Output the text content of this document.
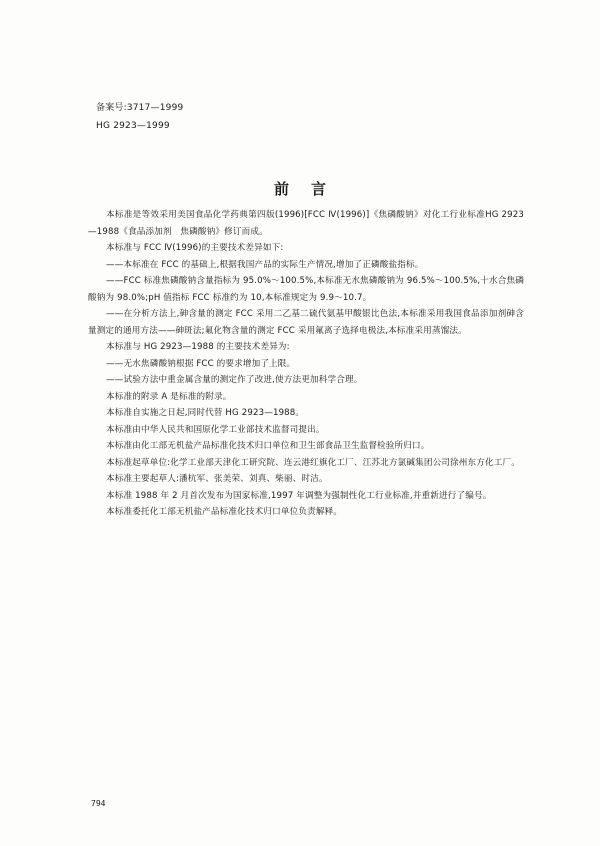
备案号:3717—1999
HG 2923—1999
前言

本标准是等效采用美国食品化学药典第四版(1996)[FCC Ⅳ(1996)]《焦磷酸钠》对化工行业标准HG 2923—1988《食品添加剂　焦磷酸钠》修订而成。

本标准与 FCC Ⅳ(1996)的主要技术差异如下:

——本标准在 FCC 的基础上,根据我国产品的实际生产情况,增加了正磷酸盐指标。

——FCC 标准焦磷酸钠含量指标为 95.0%～100.5%,本标准无水焦磷酸钠为 96.5%～100.5%,十水合焦磷酸钠为 98.0%;pH 值指标 FCC 标准约为 10,本标准规定为 9.9～10.7。

——在分析方法上,砷含量的测定 FCC 采用二乙基二硫代氨基甲酸银比色法,本标准采用我国食品添加剂砷含量测定的通用方法——砷斑法;氟化物含量的测定 FCC 采用氟离子选择电极法,本标准采用蒸馏法。

本标准与 HG 2923—1988 的主要技术差异为:

——无水焦磷酸钠根据 FCC 的要求增加了上限。

——试验方法中重金属含量的测定作了改进,使方法更加科学合理。

本标准的附录 A 是标准的附录。

本标准自实施之日起,同时代替 HG 2923—1988。

本标准由中华人民共和国原化学工业部技术监督司提出。

本标准由化工部无机盐产品标准化技术归口单位和卫生部食品卫生监督检验所归口。

本标准起草单位:化学工业部天津化工研究院、连云港红旗化工厂、江苏北方氯碱集团公司徐州东方化工厂。

本标准主要起草人:潘杭军、张美荣、刘真、柴丽、时洁。

本标准 1988 年 2 月首次发布为国家标准,1997 年调整为强制性化工行业标准,并重新进行了编号。

本标准委托化工部无机盐产品标准化技术归口单位负责解释。

794
